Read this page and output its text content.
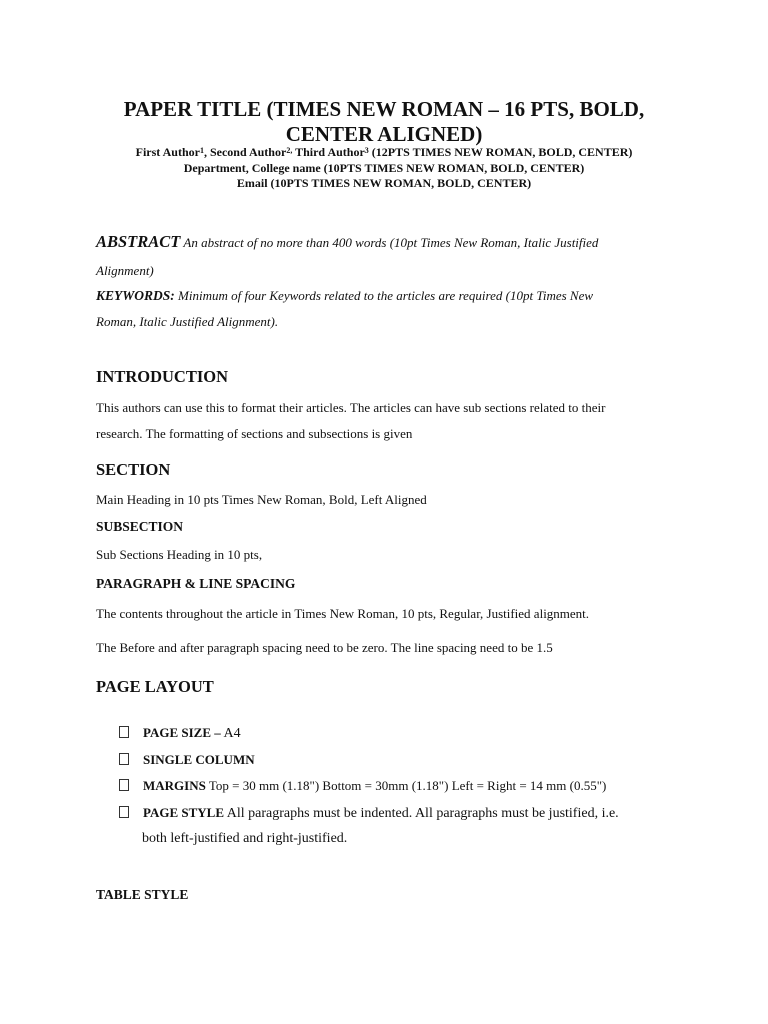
PAPER TITLE (TIMES NEW ROMAN – 16 PTS, BOLD,
CENTER ALIGNED)
First Author$^1$, Second Author$^{2,}$ Third Author$^3$ (12PTS TIMES NEW ROMAN, BOLD, CENTER)
Department, College name (10PTS TIMES NEW ROMAN, BOLD, CENTER)
Email (10PTS TIMES NEW ROMAN, BOLD, CENTER)
ABSTRACT An abstract of no more than 400 words (10pt Times New Roman, Italic Justified
Alignment)
KEYWORDS: Minimum of four Keywords related to the articles are required (10pt Times New
Roman, Italic Justified Alignment).
INTRODUCTION
This authors can use this to format their articles. The articles can have sub sections related to their
research. The formatting of sections and subsections is given
SECTION
Main Heading in 10 pts Times New Roman, Bold, Left Aligned
SUBSECTION
Sub Sections Heading in 10 pts,
PARAGRAPH & LINE SPACING
The contents throughout the article in Times New Roman, 10 pts, Regular, Justified alignment.
The Before and after paragraph spacing need to be zero. The line spacing need to be 1.5
PAGE LAYOUT
PAGE SIZE – A4
SINGLE COLUMN
MARGINS Top = 30 mm (1.18") Bottom = 30mm (1.18") Left = Right = 14 mm (0.55")
PAGE STYLE All paragraphs must be indented. All paragraphs must be justified, i.e.
both left-justified and right-justified.
TABLE STYLE
